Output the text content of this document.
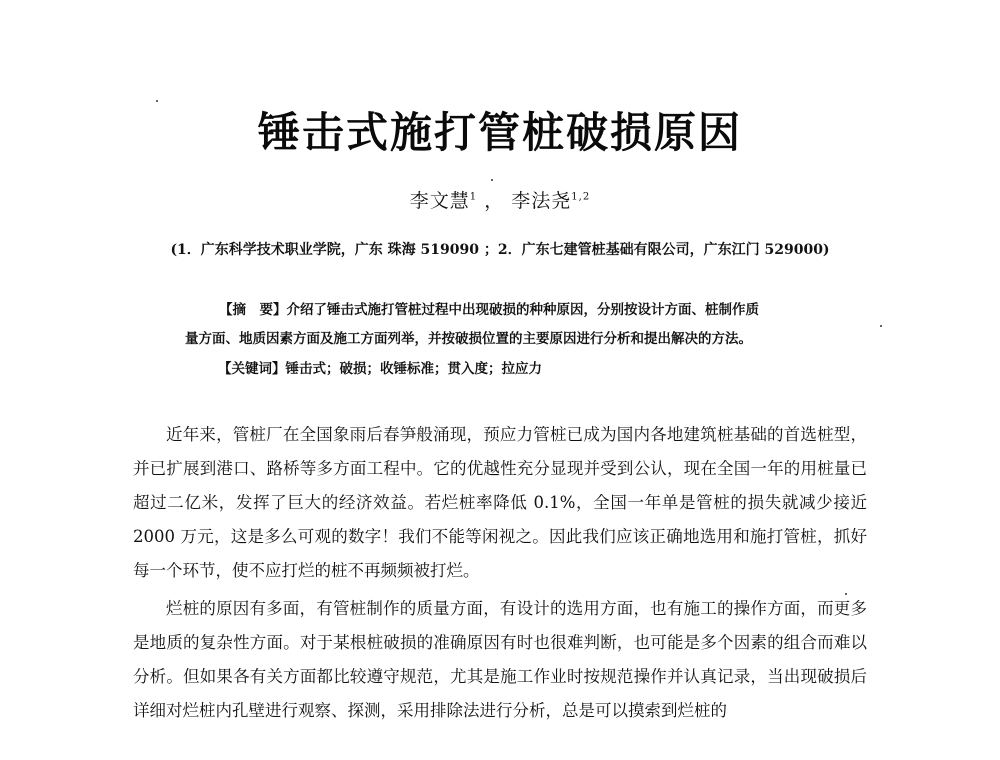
锤击式施打管桩破损原因
李文慧$^1$ ， 李法尧$^{1,2}$
(1．广东科学技术职业学院，广东 珠海 519090 ；2．广东七建管桩基础有限公司，广东江门 529000)
【摘　要】介绍了锤击式施打管桩过程中出现破损的种种原因，分别按设计方面、桩制作质
量方面、地质因素方面及施工方面列举，并按破损位置的主要原因进行分析和提出解决的方法。
【关键词】锤击式；破损；收锤标准；贯入度；拉应力

近年来，管桩厂在全国象雨后春笋般涌现，预应力管桩已成为国内各地建筑桩基础的首选桩型，并已扩展到港口、路桥等多方面工程中。它的优越性充分显现并受到公认，现在全国一年的用桩量已超过二亿米，发挥了巨大的经济效益。若烂桩率降低 0.1%，全国一年单是管桩的损失就减少接近 2000 万元，这是多么可观的数字！我们不能等闲视之。因此我们应该正确地选用和施打管桩，抓好每一个环节，使不应打烂的桩不再频频被打烂。

烂桩的原因有多面，有管桩制作的质量方面，有设计的选用方面，也有施工的操作方面，而更多是地质的复杂性方面。对于某根桩破损的准确原因有时也很难判断，也可能是多个因素的组合而难以分析。但如果各有关方面都比较遵守规范，尤其是施工作业时按规范操作并认真记录，当出现破损后详细对烂桩内孔壁进行观察、探测，采用排除法进行分析，总是可以摸索到烂桩的
